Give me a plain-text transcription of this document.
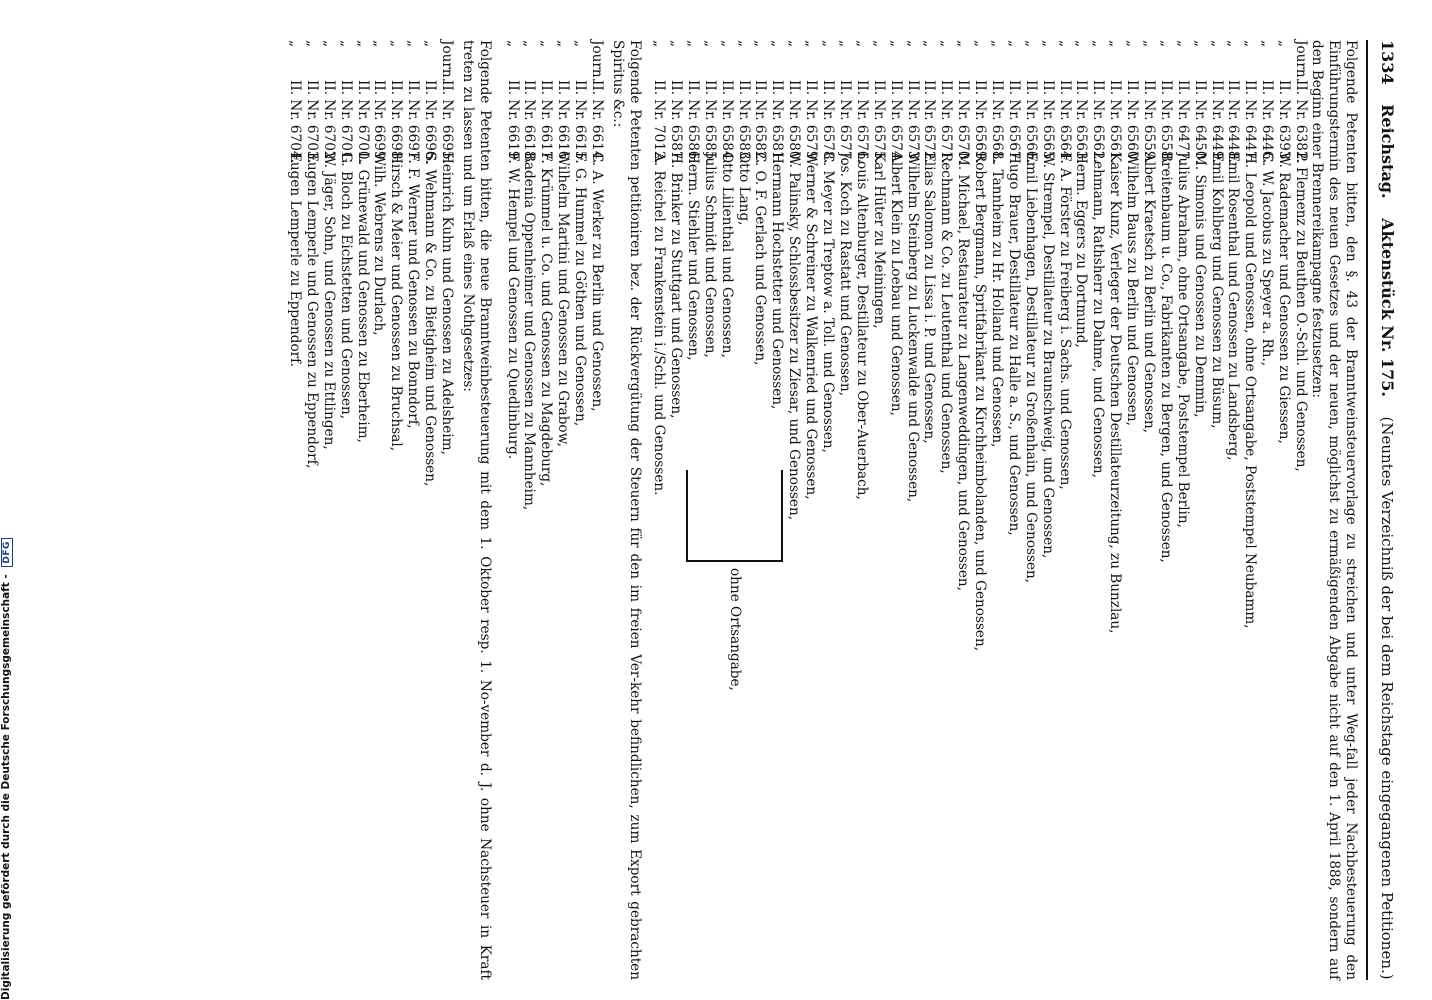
1334 Reichstag. Aktenstück Nr. 175. (Neuntes Verzeichniß der bei dem Reichstage eingegangenen Petitionen.)

Folgende Petenten bitten, den §. 43 der Branntweinsteuervorlage zu streichen und unter Weg-fall jeder Nachbesteuerung den Einführungstermin des neuen Gesetzes und der neuen, möglichst zu ermäßigenden Abgabe nicht auf den 1. April 1888, sondern auf den Beginn einer Brennereikampagne festzusetzen:

Journ.
II. Nr. 6382.
P. Flemenz zu Beuthen O.-Schl. und Genossen,
„
II. Nr. 6393.
W. Rademacher und Genossen zu Giessen,
„
II. Nr. 6446.
C. W. Jacobus zu Speyer a. Rh.,
„
II. Nr. 6447.
H. Leopold und Genossen, ohne Ortsangabe, Poststempel Neubamm,
„
II. Nr. 6448.
Emil Rosenthal und Genossen zu Landsberg,
„
II. Nr. 6449.
Emil Kohlberg und Genossen zu Büsum,
„
II. Nr. 6450.
M. Simonis und Genossen zu Demmin,
„
II. Nr. 6477.
Julius Abraham, ohne Ortsangabe, Poststempel Berlin,
„
II. Nr. 6558.
Breitenbaum u. Co., Fabrikanten zu Bergen, und Genossen,
„
II. Nr. 6559.
Albert Kraetsch zu Berlin und Genossen,
„
II. Nr. 6560.
Wilhelm Bauss zu Berlin und Genossen,
„
II. Nr. 6561.
Kaiser Kunz, Verleger der Deutschen Destillateurzeitung, zu Bunzlau,
„
II. Nr. 6562.
Lehmann, Rathsherr zu Dahme, und Genossen,
„
II. Nr. 6563.
Herm. Eggers zu Dortmund,
„
II. Nr. 6564.
F. A. Förster zu Freiberg i. Sachs. und Genossen,
„
II. Nr. 6565.
W. Strempel, Destillateur zu Braunschweig, und Genossen,
„
II. Nr. 6566.
Emil Liebenhagen, Destillateur zu Großenhain, und Genossen,
„
II. Nr. 6567.
Hugo Brauer, Destillateur zu Halle a. S., und Genossen,
„
II. Nr. 6568.
L. Tannheim zu Hr. Holland und Genossen,
„
II. Nr. 6569.
Robert Bergmann, Spritfabrikant zu Kirchheimbolanden, und Genossen,
„
II. Nr. 6570.
M. Michael, Restaurateur zu Langenweddingen, und Genossen,
„
II. Nr. 6571.
Rechmann & Co. zu Leutenthal und Genossen,
„
II. Nr. 6572.
Elias Salomon zu Lissa i. P. und Genossen,
„
II. Nr. 6573.
Wilhelm Steinberg zu Luckenwalde und Genossen,
„
II. Nr. 6574.
Albert Klein zu Loebau und Genossen,
„
II. Nr. 6575.
Karl Hüter zu Meiningen,
„
II. Nr. 6576.
Louis Altenburger, Destillateur zu Ober-Auerbach,
„
II. Nr. 6577.
Jos. Koch zu Rastatt und Genossen,
„
II. Nr. 6578.
C. Meyer zu Treptow a. Toll. und Genossen,
„
II. Nr. 6579.
Werner & Schreiner zu Walkenried und Genossen,
„
II. Nr. 6580.
W. Palinsky, Schlossbesitzer zu Ziesar, und Genossen,
„
II. Nr. 6581.
Hermann Hochstetter und Genossen,
„
II. Nr. 6582.
C. O. F. Gerlach und Genossen,
„
II. Nr. 6583.
Otto Lang,
„
II. Nr. 6584.
Otto Lilienthal und Genossen,
„
II. Nr. 6585.
Julius Schmidt und Genossen,
„
II. Nr. 6586.
Herm. Stiehler und Genossen,
„
II. Nr. 6587.
H. Brinker zu Stuttgart und Genossen,
„
II. Nr. 7012.
A. Reichel zu Frankenstein i./Schl. und Genossen.
ohne Ortsangabe,

Folgende Petenten petitioniren bez. der Rückvergütung der Steuern für den im freien Ver-kehr befindlichen, zum Export gebrachten Spiritus &c.:

Journ.
II. Nr. 6614.
C. A. Werker zu Berlin und Genossen,
„
II. Nr. 6615.
F. G. Hummel zu Göthen und Genossen,
„
II. Nr. 6616.
Wilhelm Martini und Genossen zu Grabow,
„
II. Nr. 6617.
F. Krümmel u. Co. und Genossen zu Magdeburg,
„
II. Nr. 6618.
Badenia Oppenheimer und Genossen zu Mannheim,
„
II. Nr. 6619.
F. W. Hempel und Genossen zu Quedlinburg.

Folgende Petenten bitten, die neue Branntweinbesteuerung mit dem 1. Oktober resp. 1. No-vember d. J. ohne Nachsteuer in Kraft treten zu lassen und um Erlaß eines Nothgesetzes:

Journ.
II. Nr. 6695.
Heinrich Kuhn und Genossen zu Adelsheim,
„
II. Nr. 6696.
S. Wehmann & Co. zu Bietigheim und Genossen,
„
II. Nr. 6697.
F. F. Werner und Genossen zu Bonndorf,
„
II. Nr. 6698.
Hirsch & Meier und Genossen zu Bruchsal,
„
II. Nr. 6699.
Wilh. Webrens zu Durlach,
„
II. Nr. 6700.
L. Grünewald und Genossen zu Eberheim,
„
II. Nr. 6701.
G. Bloch zu Eichstetten und Genossen,
„
II. Nr. 6702.
W. Jäger, Sohn, und Genossen zu Ettlingen,
„
II. Nr. 6703.
Eugen Lemperle und Genossen zu Eppendorf,
„
II. Nr. 6704.
Eugen Lemperle zu Eppendorf.
Digitalisierung gefördert durch die Deutsche Forschungsgemeinschaft - DFG
